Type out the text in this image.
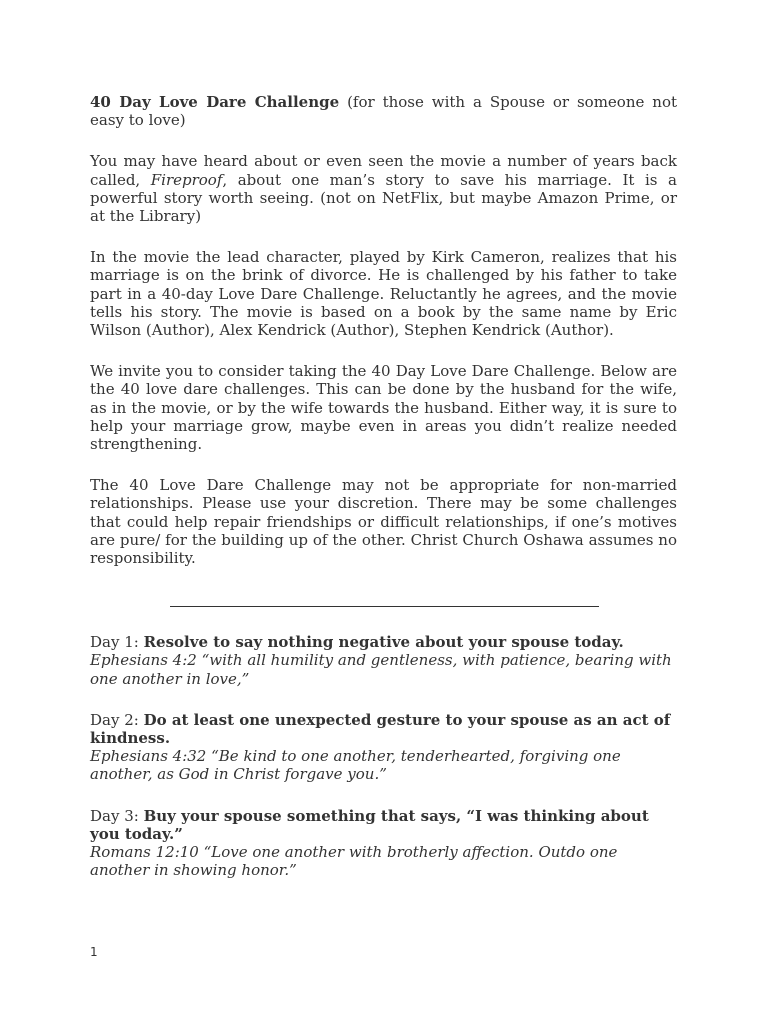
40 Day Love Dare Challenge (for those with a Spouse or someone not easy to love)

You may have heard about or even seen the movie a number of years back called, Fireproof, about one man’s story to save his marriage. It is a powerful story worth seeing. (not on NetFlix, but maybe Amazon Prime, or at the Library)

In the movie the lead character, played by Kirk Cameron, realizes that his marriage is on the brink of divorce. He is challenged by his father to take part in a 40-day Love Dare Challenge. Reluctantly he agrees, and the movie tells his story. The movie is based on a book by the same name by Eric Wilson (Author), Alex Kendrick (Author), Stephen Kendrick (Author).

We invite you to consider taking the 40 Day Love Dare Challenge. Below are the 40 love dare challenges. This can be done by the husband for the wife, as in the movie, or by the wife towards the husband. Either way, it is sure to help your marriage grow, maybe even in areas you didn’t realize needed strengthening.

The 40 Love Dare Challenge may not be appropriate for non-married relationships. Please use your discretion. There may be some challenges that could help repair friendships or difficult relationships, if one’s motives are pure/ for the building up of the other. Christ Church Oshawa assumes no responsibility.

Day 1: Resolve to say nothing negative about your spouse today.
Ephesians 4:2 “with all humility and gentleness, with patience, bearing with one another in love,”
Day 2: Do at least one unexpected gesture to your spouse as an act of kindness.
Ephesians 4:32 “Be kind to one another, tenderhearted, forgiving one another, as God in Christ forgave you.”
Day 3: Buy your spouse something that says, “I was thinking about you today.”
Romans 12:10 “Love one another with brotherly affection. Outdo one another in showing honor.”
1
